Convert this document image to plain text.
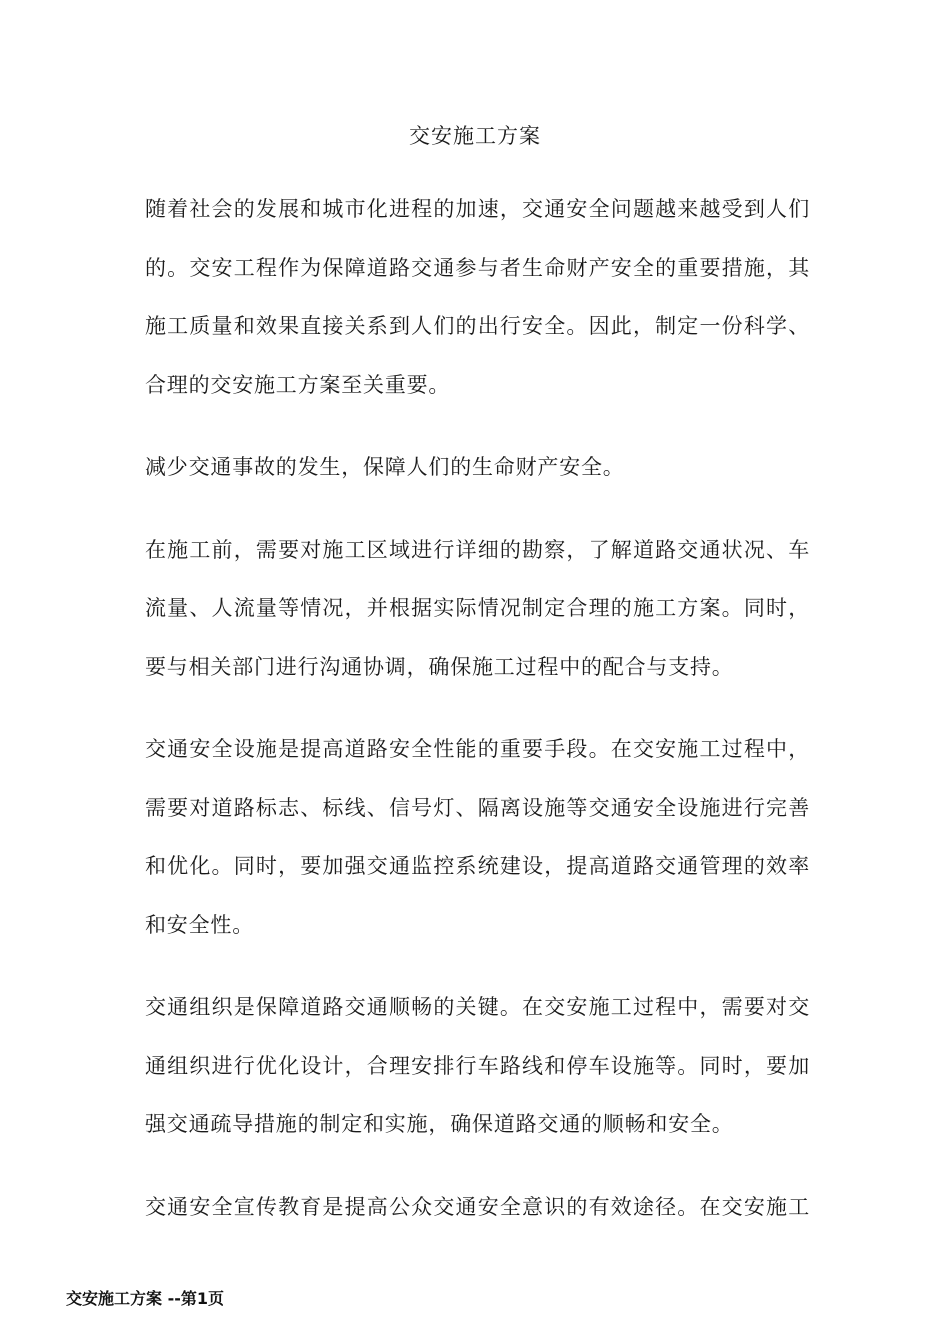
交安施工方案

随着社会的发展和城市化进程的加速，交通安全问题越来越受到人们
的。交安工程作为保障道路交通参与者生命财产安全的重要措施，其
施工质量和效果直接关系到人们的出行安全。因此，制定一份科学、
合理的交安施工方案至关重要。

减少交通事故的发生，保障人们的生命财产安全。

在施工前，需要对施工区域进行详细的勘察，了解道路交通状况、车
流量、人流量等情况，并根据实际情况制定合理的施工方案。同时，
要与相关部门进行沟通协调，确保施工过程中的配合与支持。

交通安全设施是提高道路安全性能的重要手段。在交安施工过程中，
需要对道路标志、标线、信号灯、隔离设施等交通安全设施进行完善
和优化。同时，要加强交通监控系统建设，提高道路交通管理的效率
和安全性。

交通组织是保障道路交通顺畅的关键。在交安施工过程中，需要对交
通组织进行优化设计，合理安排行车路线和停车设施等。同时，要加
强交通疏导措施的制定和实施，确保道路交通的顺畅和安全。

交通安全宣传教育是提高公众交通安全意识的有效途径。在交安施工

交安施工方案 --第1页
